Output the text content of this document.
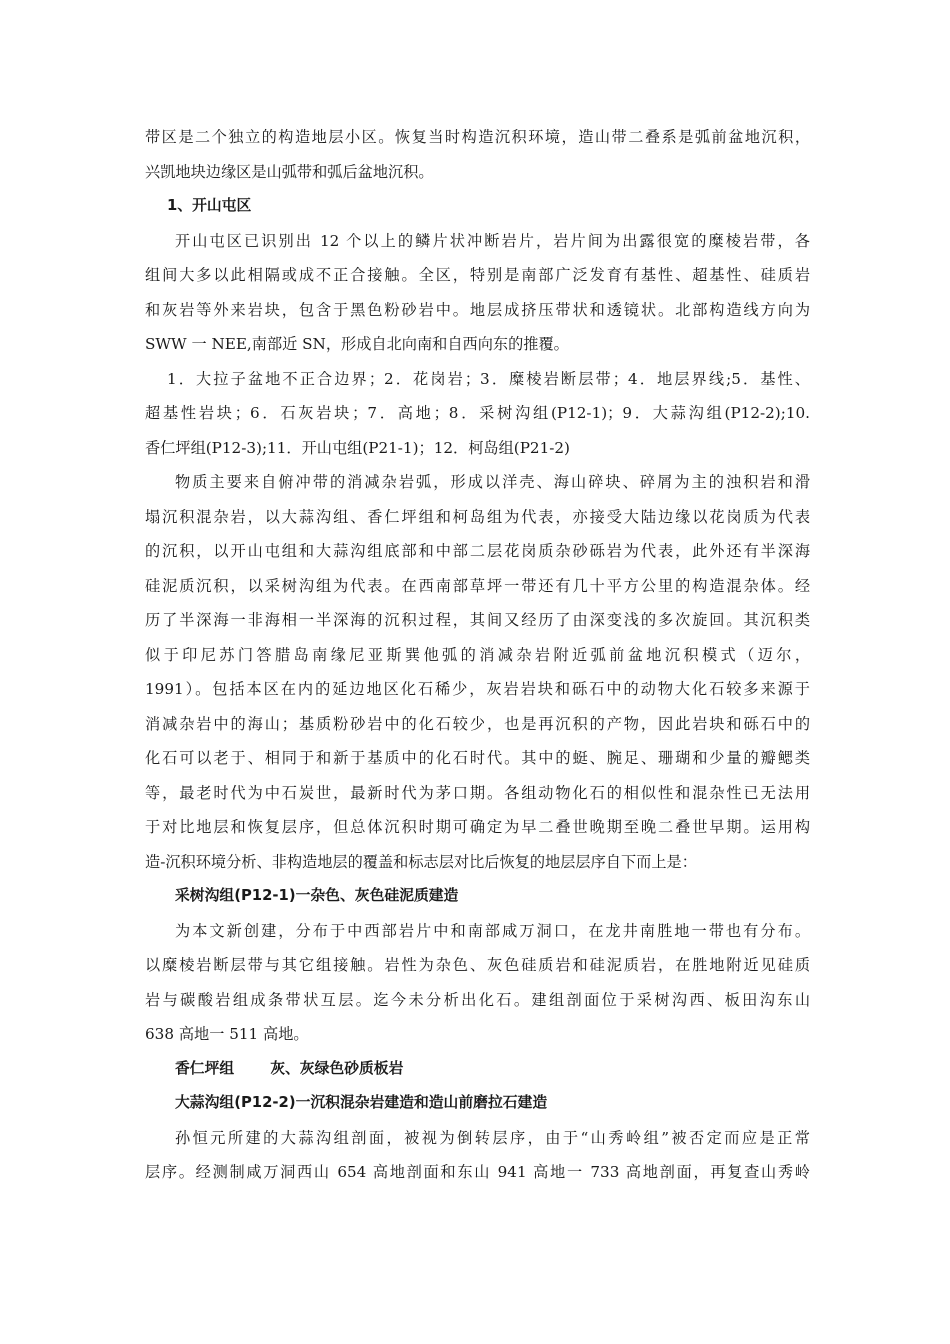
带区是二个独立的构造地层小区。恢复当时构造沉积环境，造山带二叠系是弧前盆地沉积，
兴凯地块边缘区是山弧带和弧后盆地沉积。
1、开山屯区
开山屯区已识别出 12 个以上的鳞片状冲断岩片，岩片间为出露很宽的糜棱岩带，各
组间大多以此相隔或成不正合接触。全区，特别是南部广泛发育有基性、超基性、硅质岩
和灰岩等外来岩块，包含于黑色粉砂岩中。地层成挤压带状和透镜状。北部构造线方向为
SWW 一 NEE,南部近 SN，形成自北向南和自西向东的推覆。
1．大拉子盆地不正合边界；2．花岗岩；3．糜棱岩断层带；4．地层界线;5．基性、
超基性岩块；6．石灰岩块；7．高地；8．采树沟组(P12-1)；9．大蒜沟组(P12-2);10.
香仁坪组(P12-3);11．开山屯组(P21-1)；12．柯岛组(P21-2)
物质主要来自俯冲带的消减杂岩弧，形成以洋壳、海山碎块、碎屑为主的浊积岩和滑
塌沉积混杂岩，以大蒜沟组、香仁坪组和柯岛组为代表，亦接受大陆边缘以花岗质为代表
的沉积，以开山屯组和大蒜沟组底部和中部二层花岗质杂砂砾岩为代表，此外还有半深海
硅泥质沉积，以采树沟组为代表。在西南部草坪一带还有几十平方公里的构造混杂体。经
历了半深海一非海相一半深海的沉积过程，其间又经历了由深变浅的多次旋回。其沉积类
似于印尼苏门答腊岛南缘尼亚斯巽他弧的消减杂岩附近弧前盆地沉积模式（迈尔，
1991）。包括本区在内的延边地区化石稀少，灰岩岩块和砾石中的动物大化石较多来源于
消减杂岩中的海山；基质粉砂岩中的化石较少，也是再沉积的产物，因此岩块和砾石中的
化石可以老于、相同于和新于基质中的化石时代。其中的蜓、腕足、珊瑚和少量的瓣鳃类
等，最老时代为中石炭世，最新时代为茅口期。各组动物化石的相似性和混杂性已无法用
于对比地层和恢复层序，但总体沉积时期可确定为早二叠世晚期至晚二叠世早期。运用构
造-沉积环境分析、非构造地层的覆盖和标志层对比后恢复的地层层序自下而上是：
采树沟组(P12-1)一杂色、灰色硅泥质建造
为本文新创建，分布于中西部岩片中和南部咸万洞口，在龙井南胜地一带也有分布。
以糜棱岩断层带与其它组接触。岩性为杂色、灰色硅质岩和硅泥质岩，在胜地附近见硅质
岩与碳酸岩组成条带状互层。迄今未分析出化石。建组剖面位于采树沟西、板田沟东山
638 高地一 511 高地。
香仁坪组 灰、灰绿色砂质板岩
大蒜沟组(P12-2)一沉积混杂岩建造和造山前磨拉石建造
孙恒元所建的大蒜沟组剖面，被视为倒转层序，由于“山秀岭组”被否定而应是正常
层序。经测制咸万洞西山 654 高地剖面和东山 941 高地一 733 高地剖面，再复查山秀岭
